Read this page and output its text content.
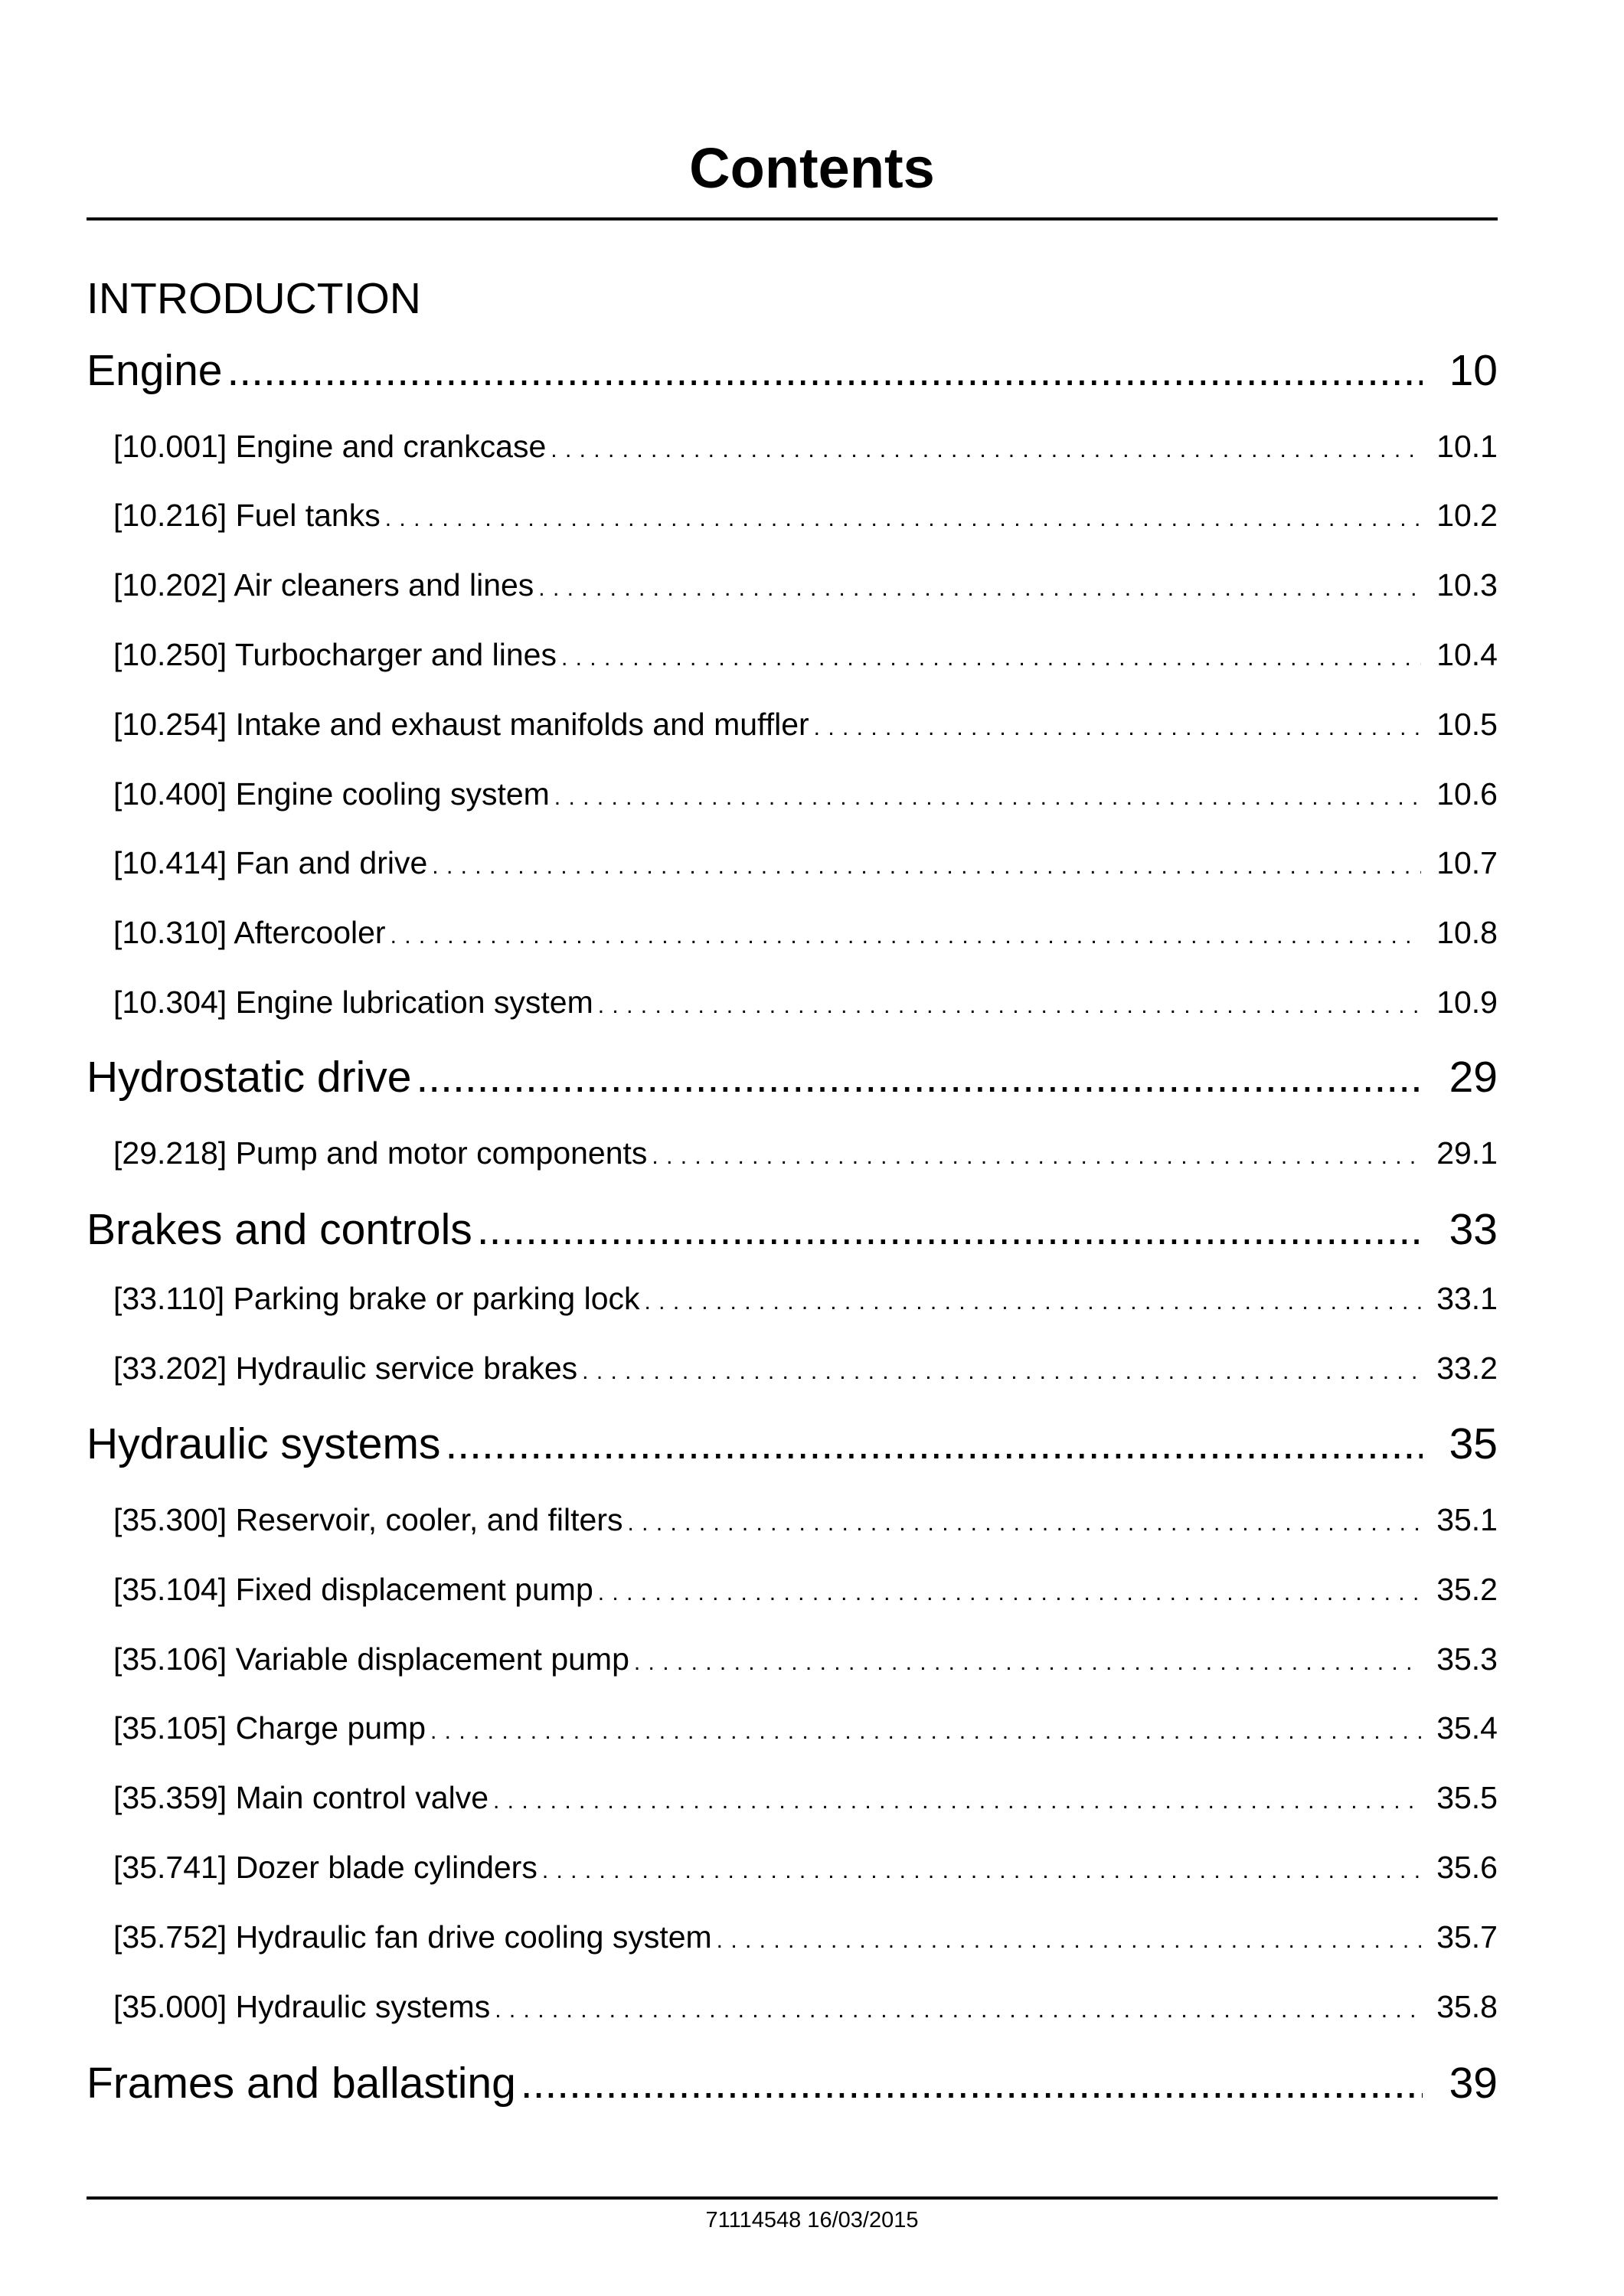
Contents
INTRODUCTION
Engine .....	10
[10.001] Engine and crankcase . . .	10.1
[10.216] Fuel tanks . . .	10.2
[10.202] Air cleaners and lines . . .	10.3
[10.250] Turbocharger and lines . . .	10.4
[10.254] Intake and exhaust manifolds and muffler . . .	10.5
[10.400] Engine cooling system . . .	10.6
[10.414] Fan and drive . . .	10.7
[10.310] Aftercooler . . .	10.8
[10.304] Engine lubrication system . . .	10.9
Hydrostatic drive .....	29
[29.218] Pump and motor components . . .	29.1
Brakes and controls .....	33
[33.110] Parking brake or parking lock . . .	33.1
[33.202] Hydraulic service brakes . . .	33.2
Hydraulic systems .....	35
[35.300] Reservoir, cooler, and filters . . .	35.1
[35.104] Fixed displacement pump . . .	35.2
[35.106] Variable displacement pump . . .	35.3
[35.105] Charge pump . . .	35.4
[35.359] Main control valve . . .	35.5
[35.741] Dozer blade cylinders . . .	35.6
[35.752] Hydraulic fan drive cooling system . . .	35.7
[35.000] Hydraulic systems . . .	35.8
Frames and ballasting .....	39
71114548 16/03/2015
